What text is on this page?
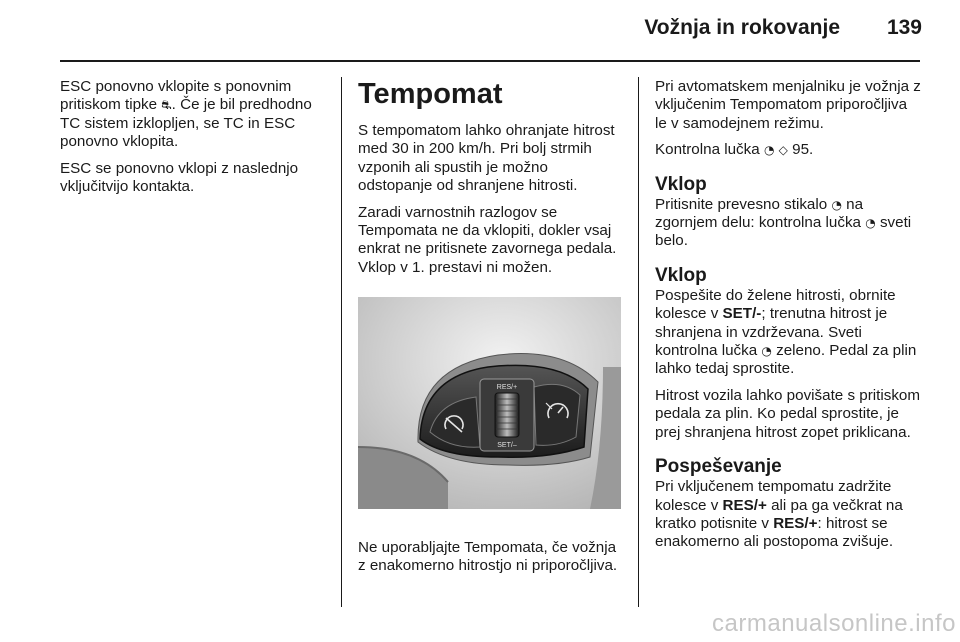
Vožnja in rokovanje 139

ESC ponovno vklopite s ponovnim pritiskom tipke ⛐. Če je bil predhodno TC sistem izklopljen, se TC in ESC ponovno vklopita.

ESC se ponovno vklopi z naslednjo vključitvijo kontakta.

Tempomat

S tempomatom lahko ohranjate hitrost med 30 in 200 km/h. Pri bolj strmih vzponih ali spustih je možno odstopanje od shranjene hitrosti.

Zaradi varnostnih razlogov se Tempomata ne da vklopiti, dokler vsaj enkrat ne pritisnete zavornega pedala. Vklop v 1. prestavi ni možen.

RES/+
SET/–

Ne uporabljajte Tempomata, če vožnja z enakomerno hitrostjo ni priporočljiva.

Pri avtomatskem menjalniku je vožnja z vključenim Tempomatom priporočljiva le v samodejnem režimu.

Kontrolna lučka ◔ ◇ 95.

Vklop

Pritisnite prevesno stikalo ◔ na zgornjem delu: kontrolna lučka ◔ sveti belo.

Vklop

Pospešite do želene hitrosti, obrnite kolesce v SET/-; trenutna hitrost je shranjena in vzdrževana. Sveti kontrolna lučka ◔ zeleno. Pedal za plin lahko tedaj sprostite.

Hitrost vozila lahko povišate s pritiskom pedala za plin. Ko pedal sprostite, je prej shranjena hitrost zopet priklicana.

Pospeševanje

Pri vključenem tempomatu zadržite kolesce v RES/+ ali pa ga večkrat na kratko potisnite v RES/+: hitrost se enakomerno ali postopoma zvišuje.

carmanualsonline.info
